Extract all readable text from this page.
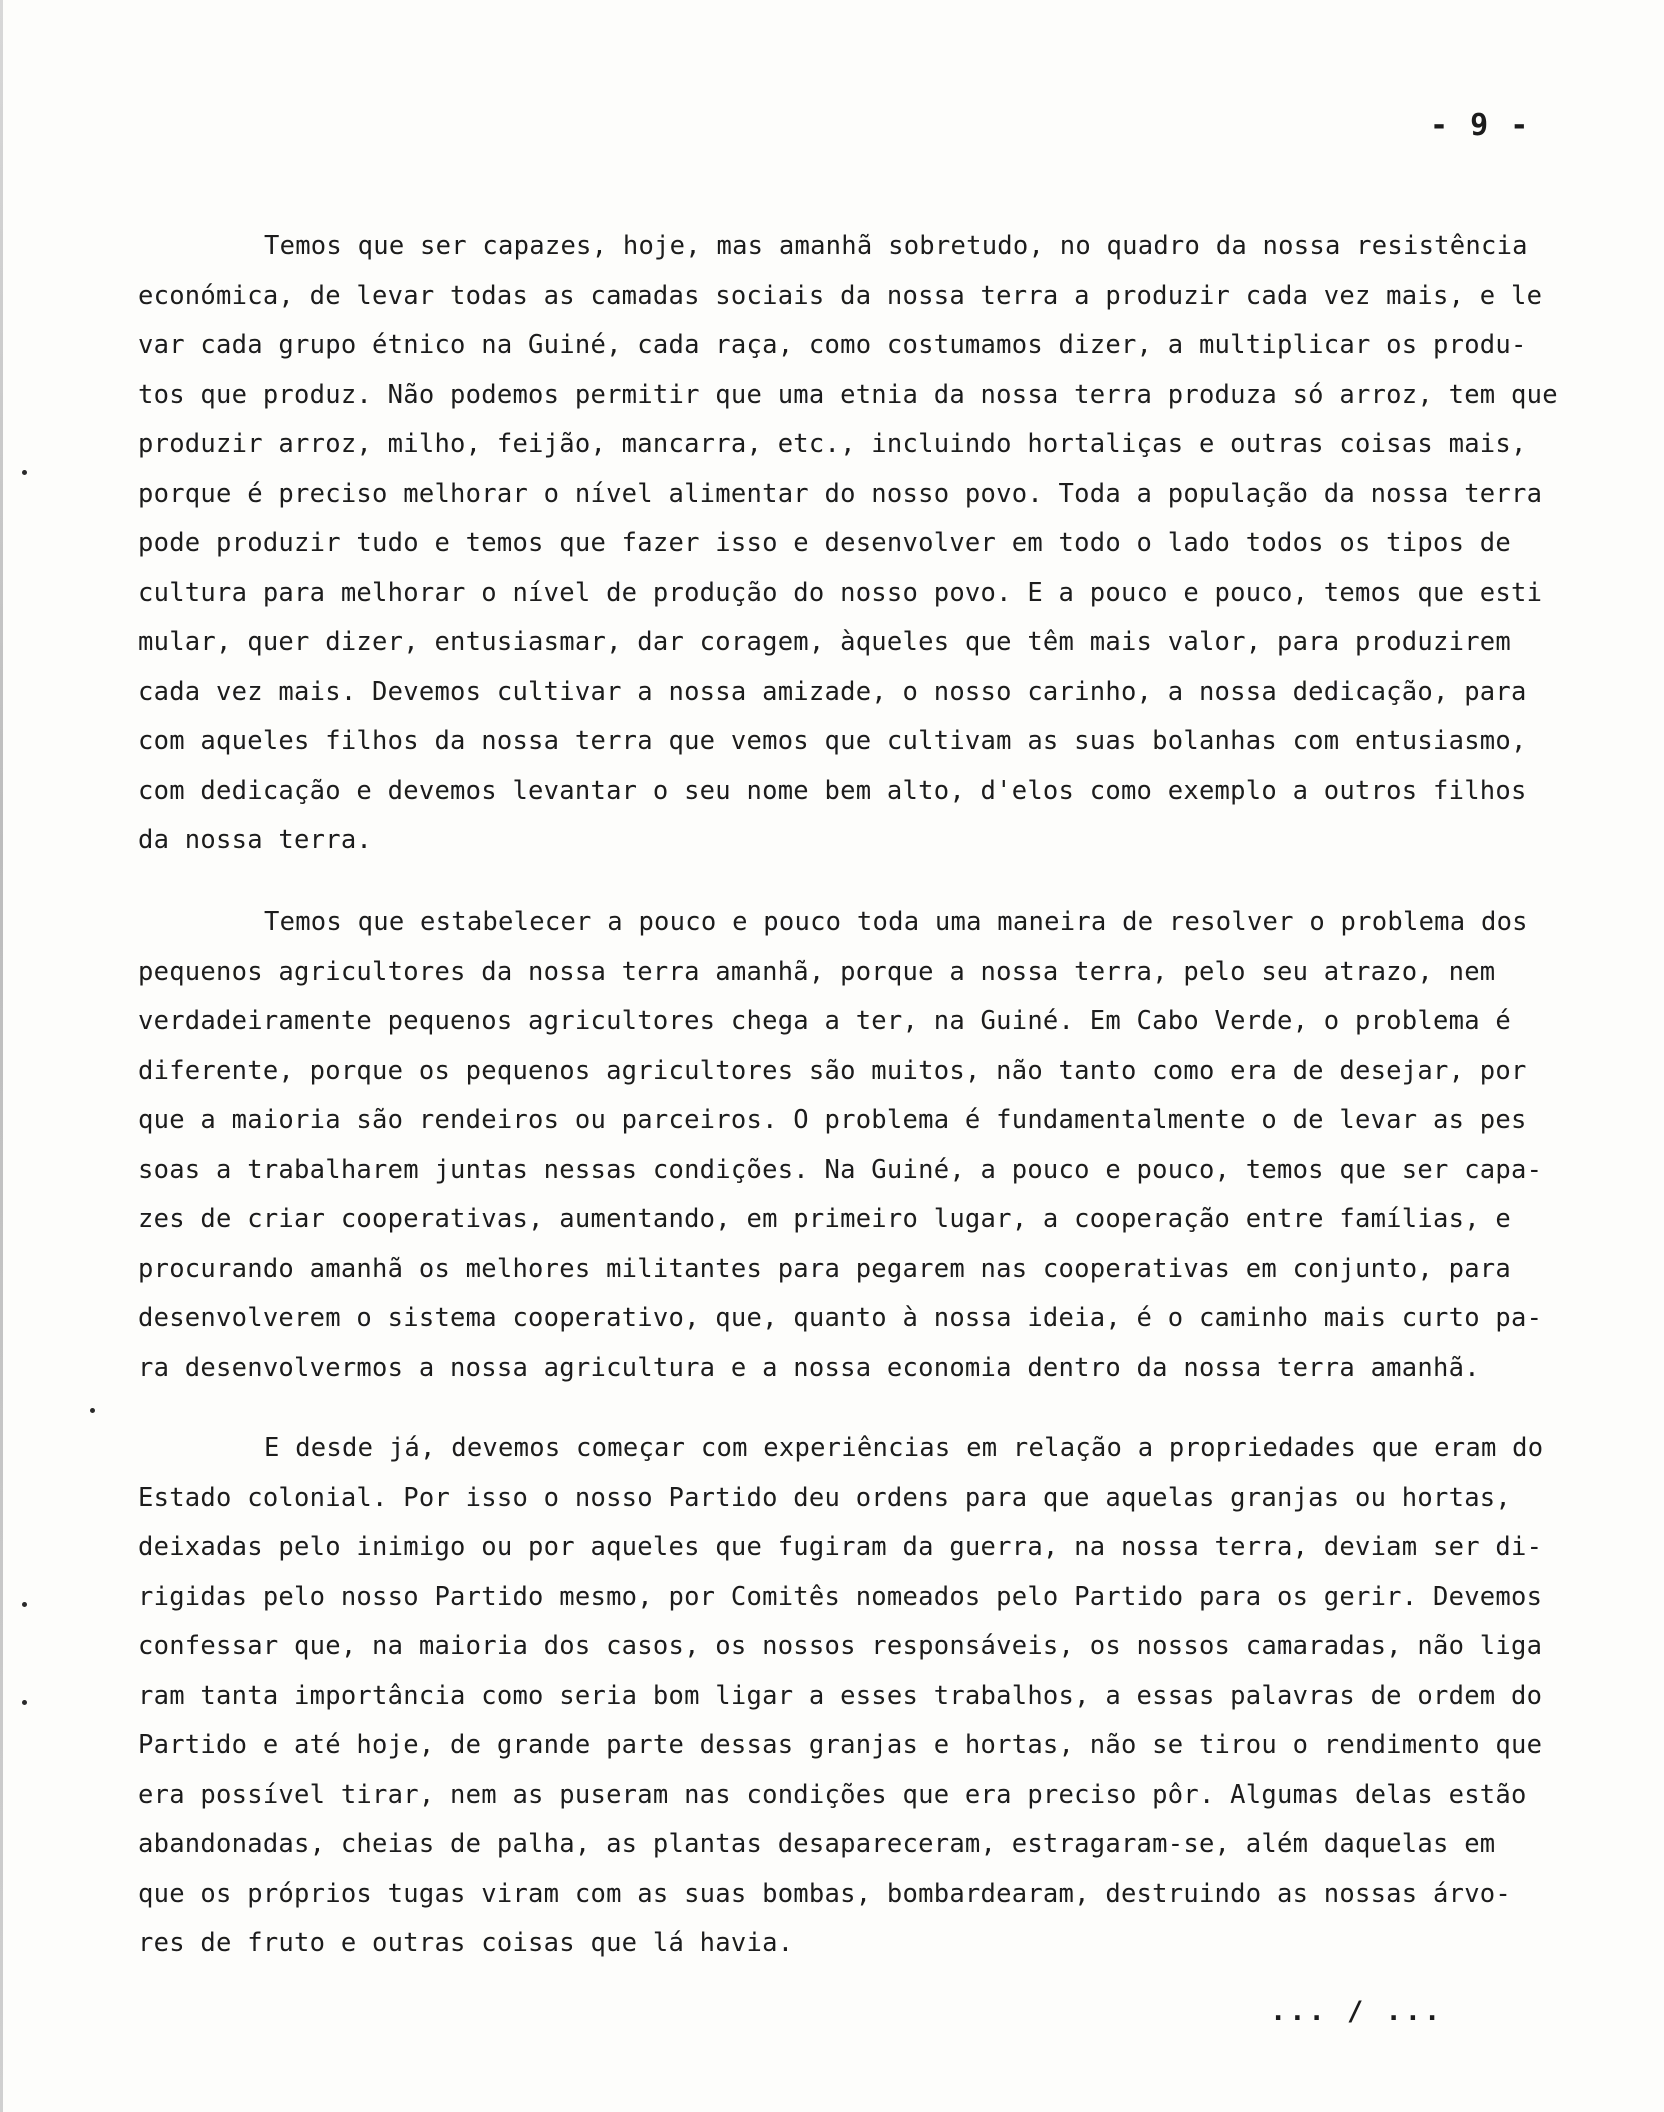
- 9 -
Temos que ser capazes, hoje, mas amanhã sobretudo, no quadro da nossa resistência
económica, de levar todas as camadas sociais da nossa terra a produzir cada vez mais, e le
var cada grupo étnico na Guiné, cada raça, como costumamos dizer, a multiplicar os produ-
tos que produz. Não podemos permitir que uma etnia da nossa terra produza só arroz, tem que
produzir arroz, milho, feijão, mancarra, etc., incluindo hortaliças e outras coisas mais,
porque é preciso melhorar o nível alimentar do nosso povo. Toda a população da nossa terra
pode produzir tudo e temos que fazer isso e desenvolver em todo o lado todos os tipos de
cultura para melhorar o nível de produção do nosso povo. E a pouco e pouco, temos que esti
mular, quer dizer, entusiasmar, dar coragem, àqueles que têm mais valor, para produzirem
cada vez mais. Devemos cultivar a nossa amizade, o nosso carinho, a nossa dedicação, para
com aqueles filhos da nossa terra que vemos que cultivam as suas bolanhas com entusiasmo,
com dedicação e devemos levantar o seu nome bem alto, d'elos como exemplo a outros filhos
da nossa terra.
Temos que estabelecer a pouco e pouco toda uma maneira de resolver o problema dos
pequenos agricultores da nossa terra amanhã, porque a nossa terra, pelo seu atrazo, nem
verdadeiramente pequenos agricultores chega a ter, na Guiné. Em Cabo Verde, o problema é
diferente, porque os pequenos agricultores são muitos, não tanto como era de desejar, por
que a maioria são rendeiros ou parceiros. O problema é fundamentalmente o de levar as pes
soas a trabalharem juntas nessas condições. Na Guiné, a pouco e pouco, temos que ser capa-
zes de criar cooperativas, aumentando, em primeiro lugar, a cooperação entre famílias, e
procurando amanhã os melhores militantes para pegarem nas cooperativas em conjunto, para
desenvolverem o sistema cooperativo, que, quanto à nossa ideia, é o caminho mais curto pa-
ra desenvolvermos a nossa agricultura e a nossa economia dentro da nossa terra amanhã.
E desde já, devemos começar com experiências em relação a propriedades que eram do
Estado colonial. Por isso o nosso Partido deu ordens para que aquelas granjas ou hortas,
deixadas pelo inimigo ou por aqueles que fugiram da guerra, na nossa terra, deviam ser di-
rigidas pelo nosso Partido mesmo, por Comitês nomeados pelo Partido para os gerir. Devemos
confessar que, na maioria dos casos, os nossos responsáveis, os nossos camaradas, não liga
ram tanta importância como seria bom ligar a esses trabalhos, a essas palavras de ordem do
Partido e até hoje, de grande parte dessas granjas e hortas, não se tirou o rendimento que
era possível tirar, nem as puseram nas condições que era preciso pôr. Algumas delas estão
abandonadas, cheias de palha, as plantas desapareceram, estragaram-se, além daquelas em
que os próprios tugas viram com as suas bombas, bombardearam, destruindo as nossas árvo-
res de fruto e outras coisas que lá havia.
... / ...
